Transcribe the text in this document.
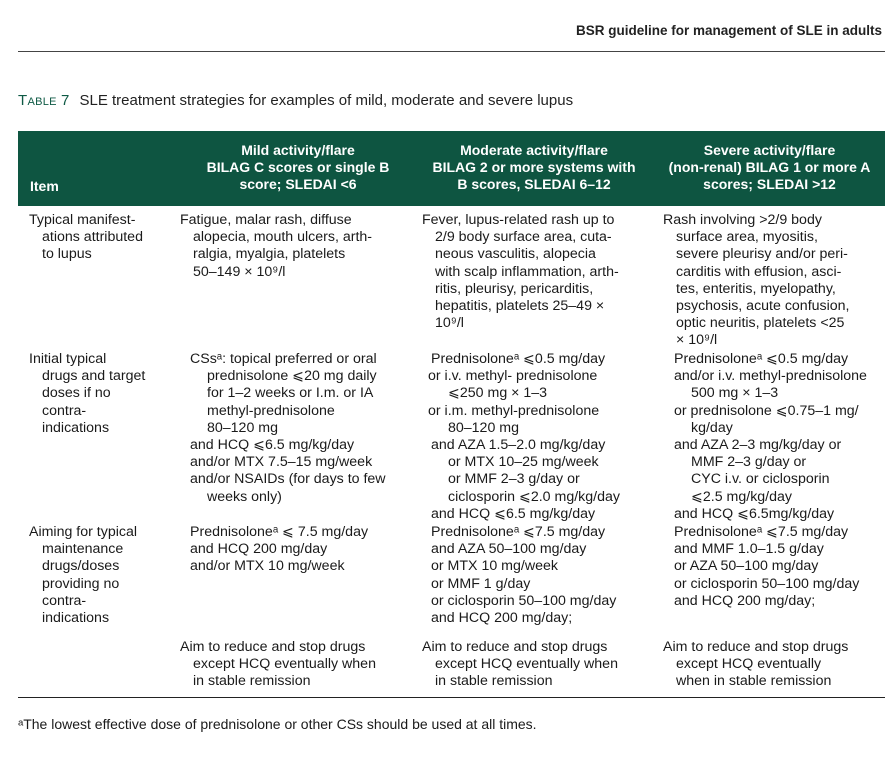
BSR guideline for management of SLE in adults
Table 7 SLE treatment strategies for examples of mild, moderate and severe lupus
Item
Mild activity/flare
BILAG C scores or single B
score; SLEDAI <6
Moderate activity/flare
BILAG 2 or more systems with
B scores, SLEDAI 6–12
Severe activity/flare
(non-renal) BILAG 1 or more A
scores; SLEDAI >12
Typical manifest-
ations attributed
to lupus
Fatigue, malar rash, diffuse
alopecia, mouth ulcers, arth-
ralgia, myalgia, platelets
50–149 × 10⁹/l
Fever, lupus-related rash up to
2/9 body surface area, cuta-
neous vasculitis, alopecia
with scalp inflammation, arth-
ritis, pleurisy, pericarditis,
hepatitis, platelets 25–49 ×
10⁹/l
Rash involving >2/9 body
surface area, myositis,
severe pleurisy and/or peri-
carditis with effusion, asci-
tes, enteritis, myelopathy,
psychosis, acute confusion,
optic neuritis, platelets <25
× 10⁹/l
Initial typical
drugs and target
doses if no
contra-
indications
CSsᵃ: topical preferred or oral
prednisolone ⩽20 mg daily
for 1–2 weeks or I.m. or IA
methyl-prednisolone
80–120 mg
and HCQ ⩽6.5 mg/kg/day
and/or MTX 7.5–15 mg/week
and/or NSAIDs (for days to few
weeks only)
Prednisoloneᵃ ⩽0.5 mg/day
or i.v. methyl- prednisolone
⩽250 mg × 1–3
or i.m. methyl-prednisolone
80–120 mg
and AZA 1.5–2.0 mg/kg/day
or MTX 10–25 mg/week
or MMF 2–3 g/day or
ciclosporin ⩽2.0 mg/kg/day
and HCQ ⩽6.5 mg/kg/day
Prednisoloneᵃ ⩽0.5 mg/day
and/or i.v. methyl-prednisolone
500 mg × 1–3
or prednisolone ⩽0.75–1 mg/
kg/day
and AZA 2–3 mg/kg/day or
MMF 2–3 g/day or
CYC i.v. or ciclosporin
⩽2.5 mg/kg/day
and HCQ ⩽6.5mg/kg/day
Aiming for typical
maintenance
drugs/doses
providing no
contra-
indications
Prednisoloneᵃ ⩽ 7.5 mg/day
and HCQ 200 mg/day
and/or MTX 10 mg/week
Prednisoloneᵃ ⩽7.5 mg/day
and AZA 50–100 mg/day
or MTX 10 mg/week
or MMF 1 g/day
or ciclosporin 50–100 mg/day
and HCQ 200 mg/day;
Prednisoloneᵃ ⩽7.5 mg/day
and MMF 1.0–1.5 g/day
or AZA 50–100 mg/day
or ciclosporin 50–100 mg/day
and HCQ 200 mg/day;
Aim to reduce and stop drugs
except HCQ eventually when
in stable remission
Aim to reduce and stop drugs
except HCQ eventually when
in stable remission
Aim to reduce and stop drugs
except HCQ eventually
when in stable remission
ᵃThe lowest effective dose of prednisolone or other CSs should be used at all times.
